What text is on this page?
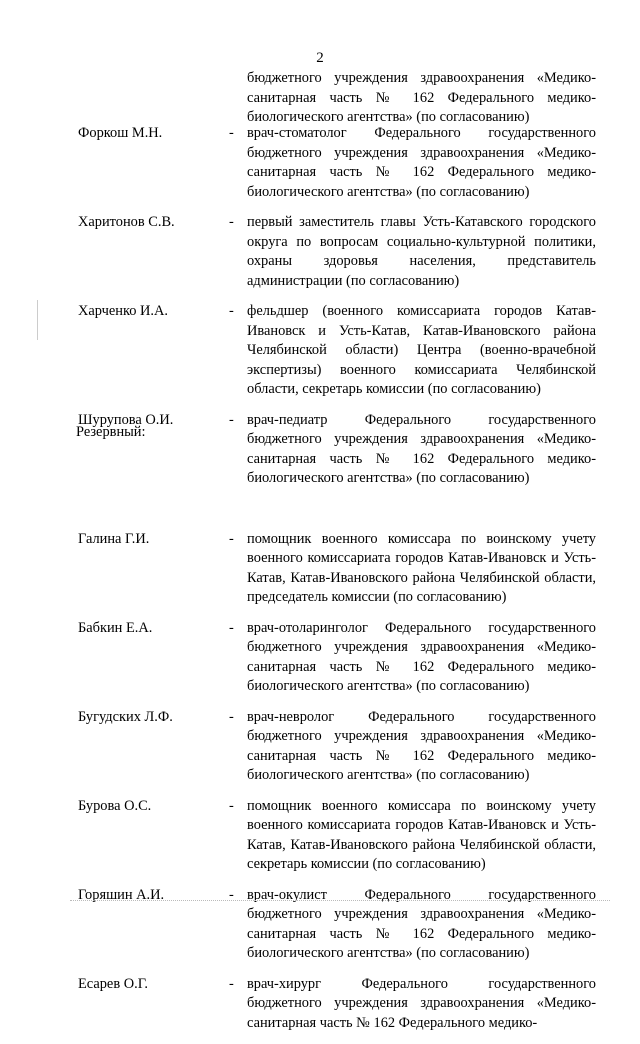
2
бюджетного учреждения здравоохранения «Медико-санитарная часть № 162 Федерального медико-биологического агентства» (по согласованию)
Форкош М.Н.	- врач-стоматолог Федерального государственного бюджетного учреждения здравоохранения «Медико-санитарная часть № 162 Федерального медико-биологического агентства» (по согласованию)
Харитонов С.В.	- первый заместитель главы Усть-Катавского городского округа по вопросам социально-культурной политики, охраны здоровья населения, представитель администрации (по согласованию)
Харченко И.А.	- фельдшер (военного комиссариата городов Катав-Ивановск и Усть-Катав, Катав-Ивановского района Челябинской области) Центра (военно-врачебной экспертизы) военного комиссариата Челябинской области, секретарь комиссии (по согласованию)
Шурупова О.И.	- врач-педиатр Федерального государственного бюджетного учреждения здравоохранения «Медико-санитарная часть № 162 Федерального медико-биологического агентства» (по согласованию)
Галина Г.И.	- помощник военного комиссара по воинскому учету военного комиссариата городов Катав-Ивановск и Усть-Катав, Катав-Ивановского района Челябинской области, председатель комиссии (по согласованию)
Бабкин Е.А.	- врач-отоларинголог Федерального государственного бюджетного учреждения здравоохранения «Медико-санитарная часть № 162 Федерального медико-биологического агентства» (по согласованию)
Бугудских Л.Ф.	- врач-невролог Федерального государственного бюджетного учреждения здравоохранения «Медико-санитарная часть № 162 Федерального медико-биологического агентства» (по согласованию)
Бурова О.С.	- помощник военного комиссара по воинскому учету военного комиссариата городов Катав-Ивановск и Усть-Катав, Катав-Ивановского района Челябинской области, секретарь комиссии (по согласованию)
Горяшин А.И.	- врач-окулист Федерального государственного бюджетного учреждения здравоохранения «Медико-санитарная часть № 162 Федерального медико-биологического агентства» (по согласованию)
Есарев О.Г.	- врач-хирург Федерального государственного бюджетного учреждения здравоохранения «Медико-санитарная часть № 162 Федерального медико-
Резервный:
